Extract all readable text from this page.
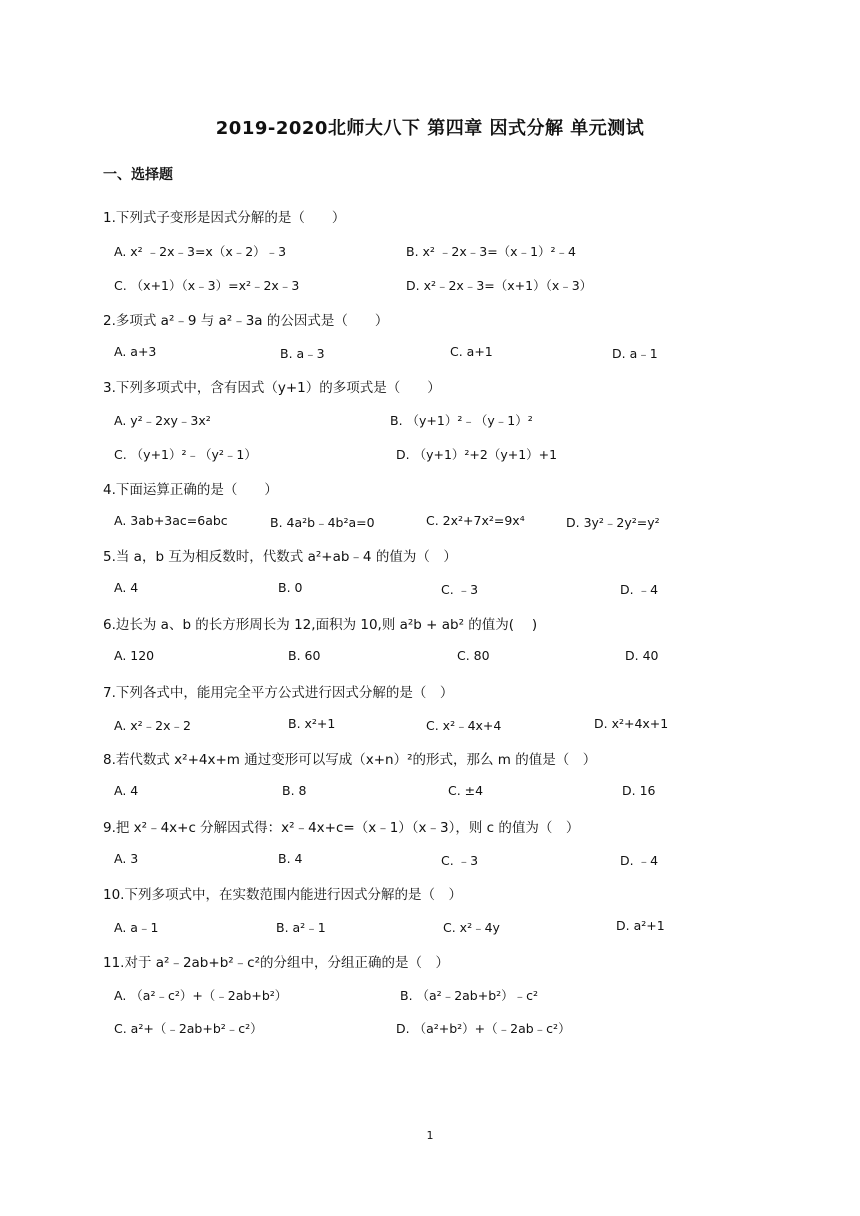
2019-2020北师大八下 第四章 因式分解 单元测试
一、选择题
1.下列式子变形是因式分解的是（　　）
A. x² ﹣2x﹣3=x（x﹣2）﹣3	B. x² ﹣2x﹣3=（x﹣1）²﹣4
C. （x+1）（x﹣3）=x²﹣2x﹣3	D. x²﹣2x﹣3=（x+1）（x﹣3）
2.多项式 a²﹣9 与 a²﹣3a 的公因式是（　　）
A. a+3	B. a﹣3	C. a+1	D. a﹣1
3.下列多项式中，含有因式（y+1）的多项式是（　　）
A. y²﹣2xy﹣3x²	B. （y+1）²﹣（y﹣1）²
C. （y+1）²﹣（y²﹣1）	D. （y+1）²+2（y+1）+1
4.下面运算正确的是（　　）
A. 3ab+3ac=6abc	B. 4a²b﹣4b²a=0	C. 2x²+7x²=9x⁴	D. 3y²﹣2y²=y²
5.当 a，b 互为相反数时，代数式 a²+ab﹣4 的值为（　）
A. 4	B. 0	C. ﹣3	D. ﹣4
6.边长为 a、b 的长方形周长为 12,面积为 10,则 a²b + ab² 的值为(　 )
A. 120	B. 60	C. 80	D. 40
7.下列各式中，能用完全平方公式进行因式分解的是（　）
A. x²﹣2x﹣2	B. x²+1	C. x²﹣4x+4	D. x²+4x+1
8.若代数式 x²+4x+m 通过变形可以写成（x+n）²的形式，那么 m 的值是（　）
A. 4	B. 8	C. ±4	D. 16
9.把 x²﹣4x+c 分解因式得：x²﹣4x+c=（x﹣1）（x﹣3），则 c 的值为（　）
A. 3	B. 4	C. ﹣3	D. ﹣4
10.下列多项式中，在实数范围内能进行因式分解的是（　）
A. a﹣1	B. a²﹣1	C. x²﹣4y	D. a²+1
11.对于 a²﹣2ab+b²﹣c²的分组中，分组正确的是（　）
A. （a²﹣c²）+（﹣2ab+b²）	B. （a²﹣2ab+b²）﹣c²
C. a²+（﹣2ab+b²﹣c²）	D. （a²+b²）+（﹣2ab﹣c²）
1
